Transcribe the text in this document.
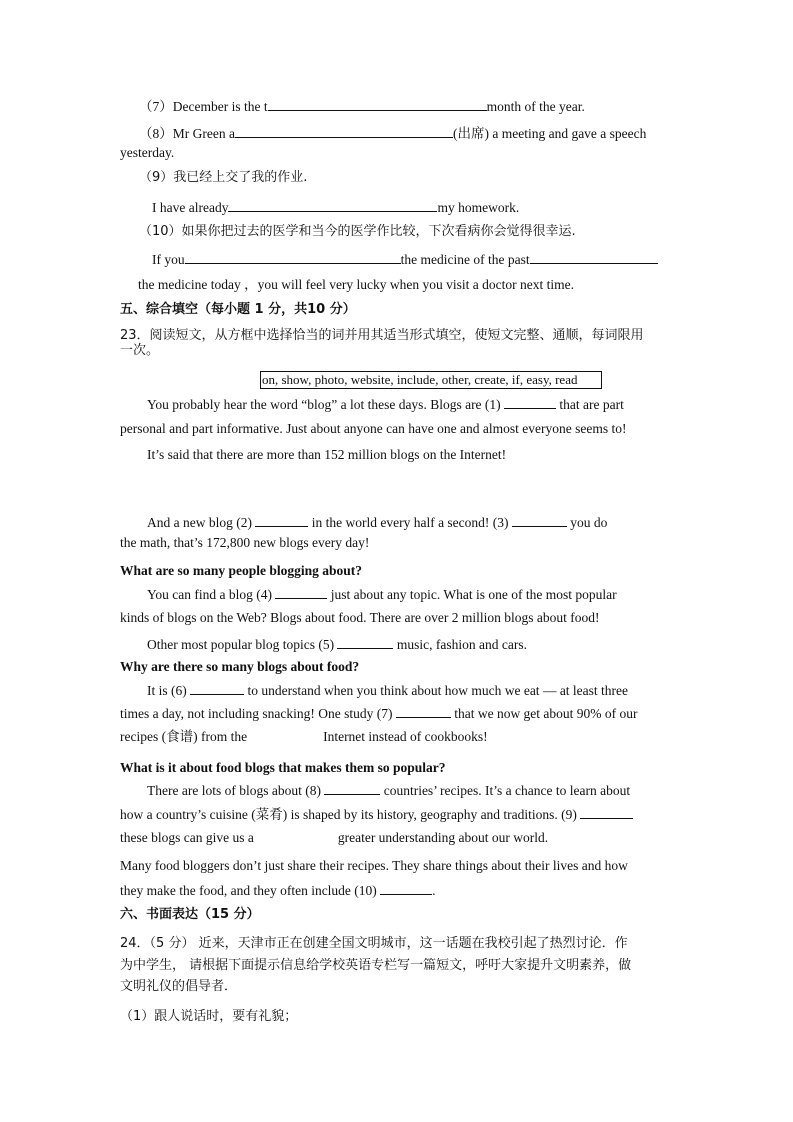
（7）December is the t	month of the year.
（8）Mr Green a	(出席) a meeting and gave a speech
yesterday.
（9）我已经上交了我的作业.
I have already	my homework.
（10）如果你把过去的医学和当今的医学作比较，下次看病你会觉得很幸运.
If you	the medicine of the past
the medicine today ，you will feel very lucky when you visit a doctor next time.
五、综合填空（每小题 1 分，共10 分）
23．阅读短文，从方框中选择恰当的词并用其适当形式填空，使短文完整、通顺，每词限用
一次。
on, show, photo, website, include, other, create, if, easy, read
You probably hear the word “blog” a lot these days. Blogs are (1)	that are part
personal and part informative. Just about anyone can have one and almost everyone seems to!
It’s said that there are more than 152 million blogs on the Internet!
And a new blog (2)	in the world every half a second! (3)	you do
the math, that’s 172,800 new blogs every day!
What are so many people blogging about?
You can find a blog (4)	just about any topic. What is one of the most popular
kinds of blogs on the Web? Blogs about food. There are over 2 million blogs about food!
Other most popular blog topics (5)	music, fashion and cars.
Why are there so many blogs about food?
It is (6)	to understand when you think about how much we eat — at least three
times a day, not including snacking! One study (7)	that we now get about 90% of our
recipes (食谱) from the	Internet instead of cookbooks!
What is it about food blogs that makes them so popular?
There are lots of blogs about (8)	countries’ recipes. It’s a chance to learn about
how a country’s cuisine (菜肴) is shaped by its history, geography and traditions. (9)
these blogs can give us a	greater understanding about our world.
Many food bloggers don’t just share their recipes. They share things about their lives and how
they make the food, and they often include (10)	.
六、书面表达（15 分）
24．（5 分） 近来，天津市正在创建全国文明城市，这一话题在我校引起了热烈讨论．作
为中学生， 请根据下面提示信息给学校英语专栏写一篇短文，呼吁大家提升文明素养，做
文明礼仪的倡导者．
（1）跟人说话时，要有礼貌；
